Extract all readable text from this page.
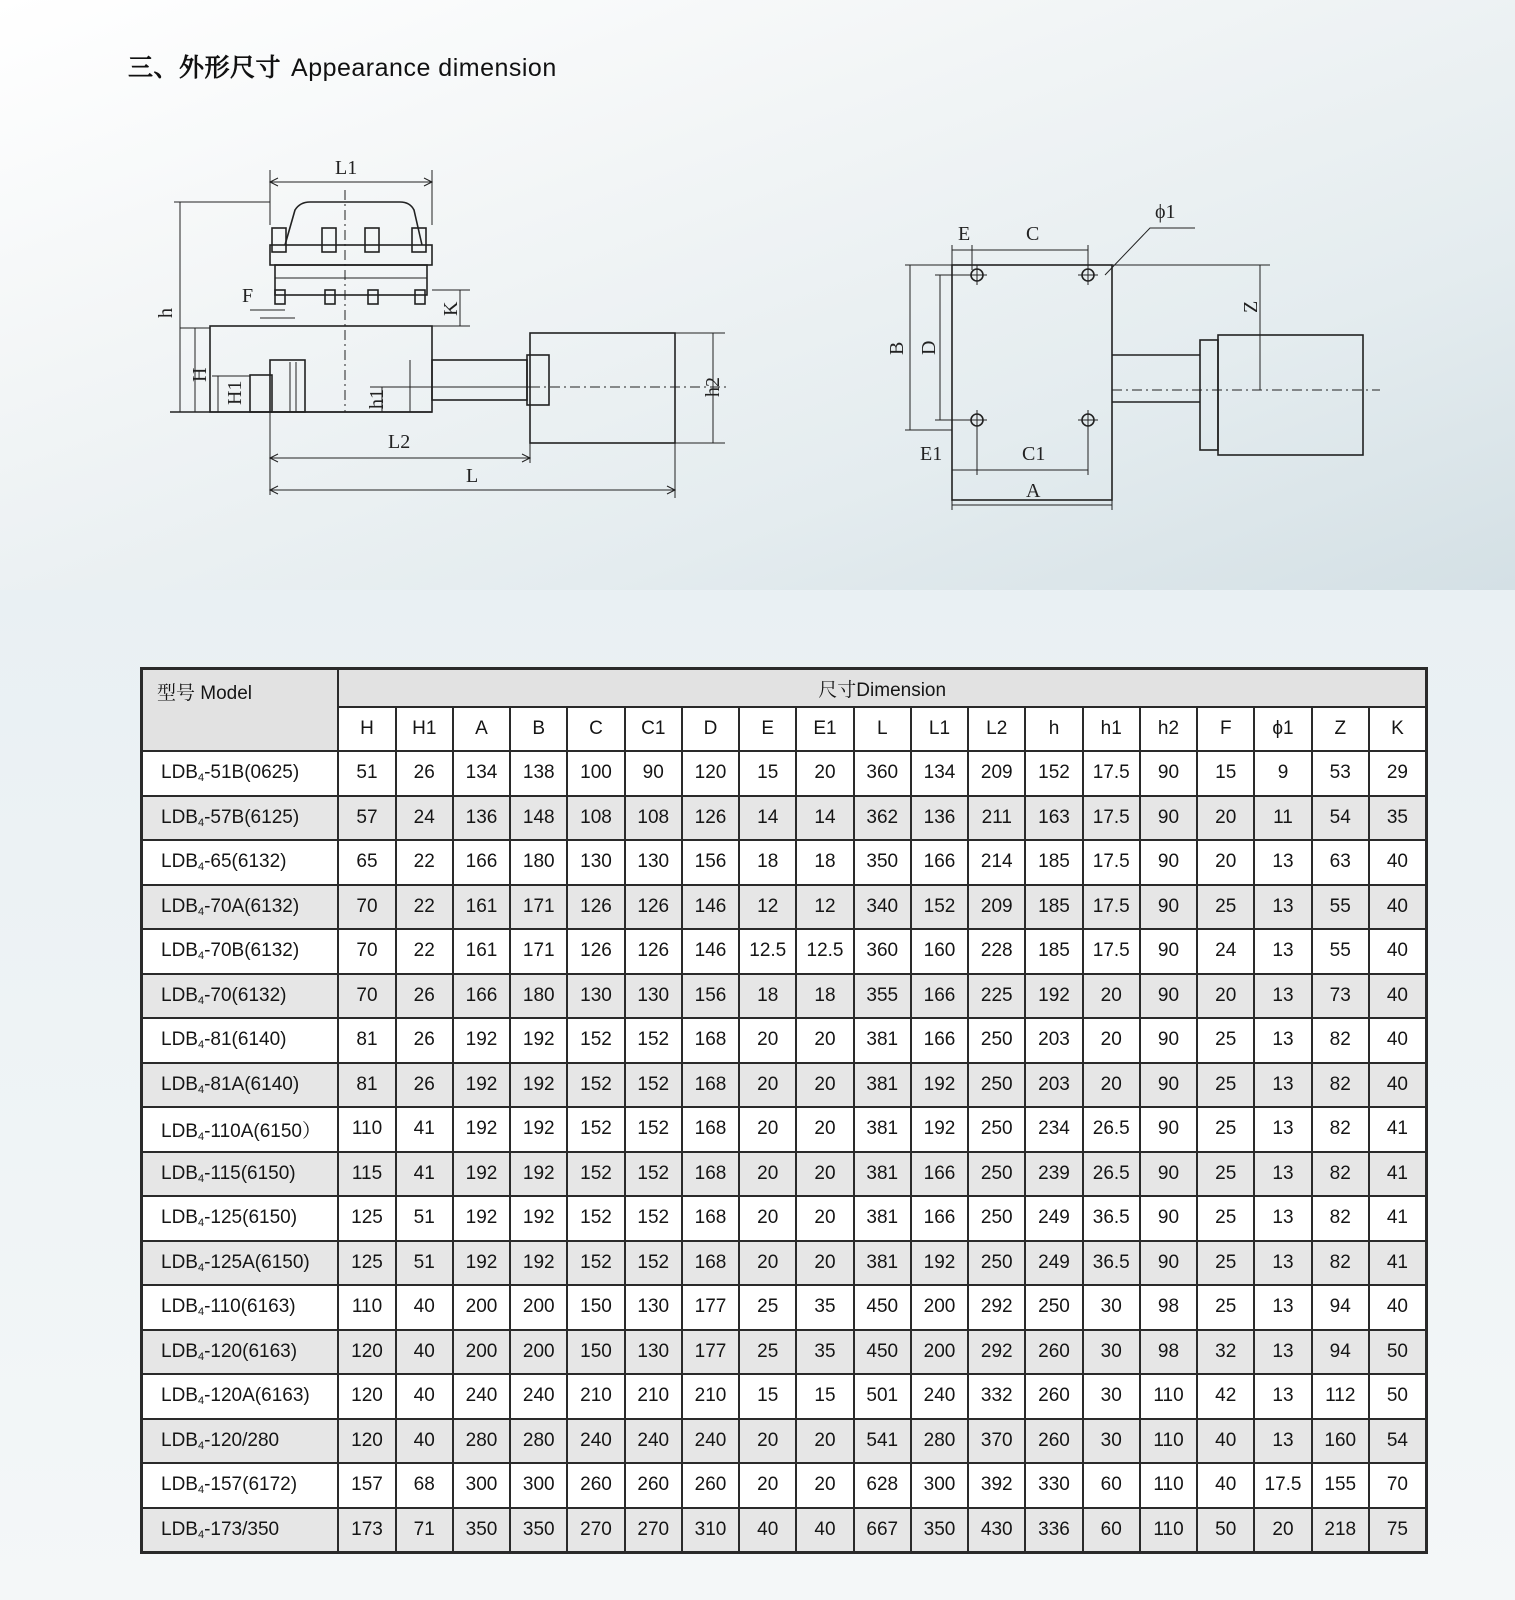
三、外形尺寸 Appearance dimension
L1
h	K
F
H
H1	h1
h2
L2
L
ϕ1
E	C
B D
Z
E1	C1
A
型号 Model	尺寸Dimension																		
	H	H1	A	B	C	C1	D	E	E1	L	L1	L2	h	h1	h2	F	ϕ1	Z	K
$LDB_4-51B(0625)$	51	26	134	138	100	90	120	15	20	360	134	209	152	17.5	90	15	9	53	29
$LDB_4-57B(6125)$	57	24	136	148	108	108	126	14	14	362	136	211	163	17.5	90	20	11	54	35
$LDB_4-65(6132)$	65	22	166	180	130	130	156	18	18	350	166	214	185	17.5	90	20	13	63	40
$LDB_4-70A(6132)$	70	22	161	171	126	126	146	12	12	340	152	209	185	17.5	90	25	13	55	40
$LDB_4-70B(6132)$	70	22	161	171	126	126	146	12.5	12.5	360	160	228	185	17.5	90	24	13	55	40
$LDB_4-70(6132)$	70	26	166	180	130	130	156	18	18	355	166	225	192	20	90	20	13	73	40
$LDB_4-81(6140)$	81	26	192	192	152	152	168	20	20	381	166	250	203	20	90	25	13	82	40
$LDB_4-81A(6140)$	81	26	192	192	152	152	168	20	20	381	192	250	203	20	90	25	13	82	40
$LDB_4-110A(6150)$	110	41	192	192	152	152	168	20	20	381	192	250	234	26.5	90	25	13	82	41
$LDB_4-115(6150)$	115	41	192	192	152	152	168	20	20	381	166	250	239	26.5	90	25	13	82	41
$LDB_4-125(6150)$	125	51	192	192	152	152	168	20	20	381	166	250	249	36.5	90	25	13	82	41
$LDB_4-125A(6150)$	125	51	192	192	152	152	168	20	20	381	192	250	249	36.5	90	25	13	82	41
$LDB_4-110(6163)$	110	40	200	200	150	130	177	25	35	450	200	292	250	30	98	25	13	94	40
$LDB_4-120(6163)$	120	40	200	200	150	130	177	25	35	450	200	292	260	30	98	32	13	94	50
$LDB_4-120A(6163)$	120	40	240	240	210	210	210	15	15	501	240	332	260	30	110	42	13	112	50
$LDB_4-120/280$	120	40	280	280	240	240	240	20	20	541	280	370	260	30	110	40	13	160	54
$LDB_4-157(6172)$	157	68	300	300	260	260	260	20	20	628	300	392	330	60	110	40	17.5	155	70
$LDB_4-173/350$	173	71	350	350	270	270	310	40	40	667	350	430	336	60	110	50	20	218	75
